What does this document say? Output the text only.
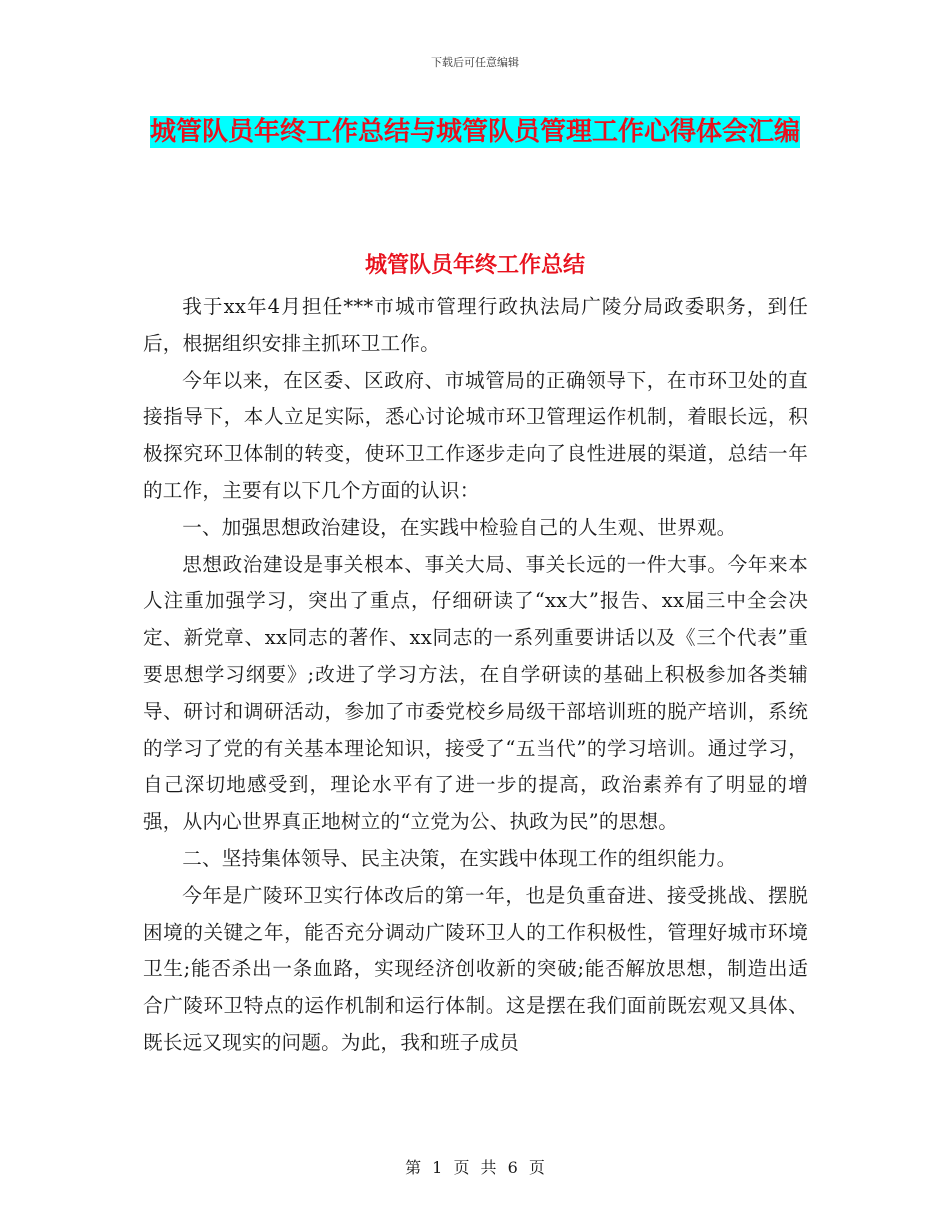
下载后可任意编辑
城管队员年终工作总结与城管队员管理工作心得体会汇编
城管队员年终工作总结

我于xx年4月担任***市城市管理行政执法局广陵分局政委职务，到任后，根据组织安排主抓环卫工作。

今年以来，在区委、区政府、市城管局的正确领导下，在市环卫处的直接指导下，本人立足实际，悉心讨论城市环卫管理运作机制，着眼长远，积极探究环卫体制的转变，使环卫工作逐步走向了良性进展的渠道，总结一年的工作，主要有以下几个方面的认识：

一、加强思想政治建设，在实践中检验自己的人生观、世界观。

思想政治建设是事关根本、事关大局、事关长远的一件大事。今年来本人注重加强学习，突出了重点，仔细研读了“xx大”报告、xx届三中全会决定、新党章、xx同志的著作、xx同志的一系列重要讲话以及《三个代表”重要思想学习纲要》;改进了学习方法，在自学研读的基础上积极参加各类辅导、研讨和调研活动，参加了市委党校乡局级干部培训班的脱产培训，系统的学习了党的有关基本理论知识，接受了“五当代”的学习培训。通过学习，自己深切地感受到，理论水平有了进一步的提高，政治素养有了明显的增强，从内心世界真正地树立的“立党为公、执政为民”的思想。

二、坚持集体领导、民主决策，在实践中体现工作的组织能力。

今年是广陵环卫实行体改后的第一年，也是负重奋进、接受挑战、摆脱困境的关键之年，能否充分调动广陵环卫人的工作积极性，管理好城市环境卫生;能否杀出一条血路，实现经济创收新的突破;能否解放思想，制造出适合广陵环卫特点的运作机制和运行体制。这是摆在我们面前既宏观又具体、既长远又现实的问题。为此，我和班子成员

第 1 页 共 6 页
